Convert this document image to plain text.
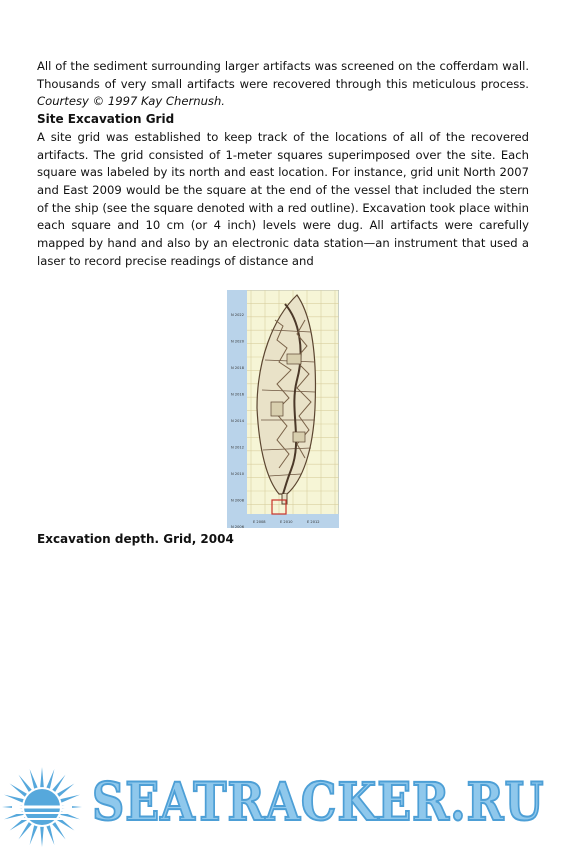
All of the sediment surrounding larger artifacts was screened on the cofferdam wall. Thousands of very small artifacts were recovered through this meticulous process. Courtesy © 1997 Kay Chernush.

Site Excavation Grid

A site grid was established to keep track of the locations of all of the recovered artifacts. The grid consisted of 1-meter squares superimposed over the site. Each square was labeled by its north and east location. For instance, grid unit North 2007 and East 2009 would be the square at the end of the vessel that included the stern of the ship (see the square denoted with a red outline). Excavation took place within each square and 10 cm (or 4 inch) levels were dug. All artifacts were carefully mapped by hand and also by an electronic data station—an instrument that used a laser to record precise readings of distance and

N 2022
N 2020
N 2018
N 2016
N 2014
N 2012
N 2010
N 2008
N 2006
E 2008	E 2010	E 2012

Excavation depth. Grid, 2004

SEATRACKER.RU
